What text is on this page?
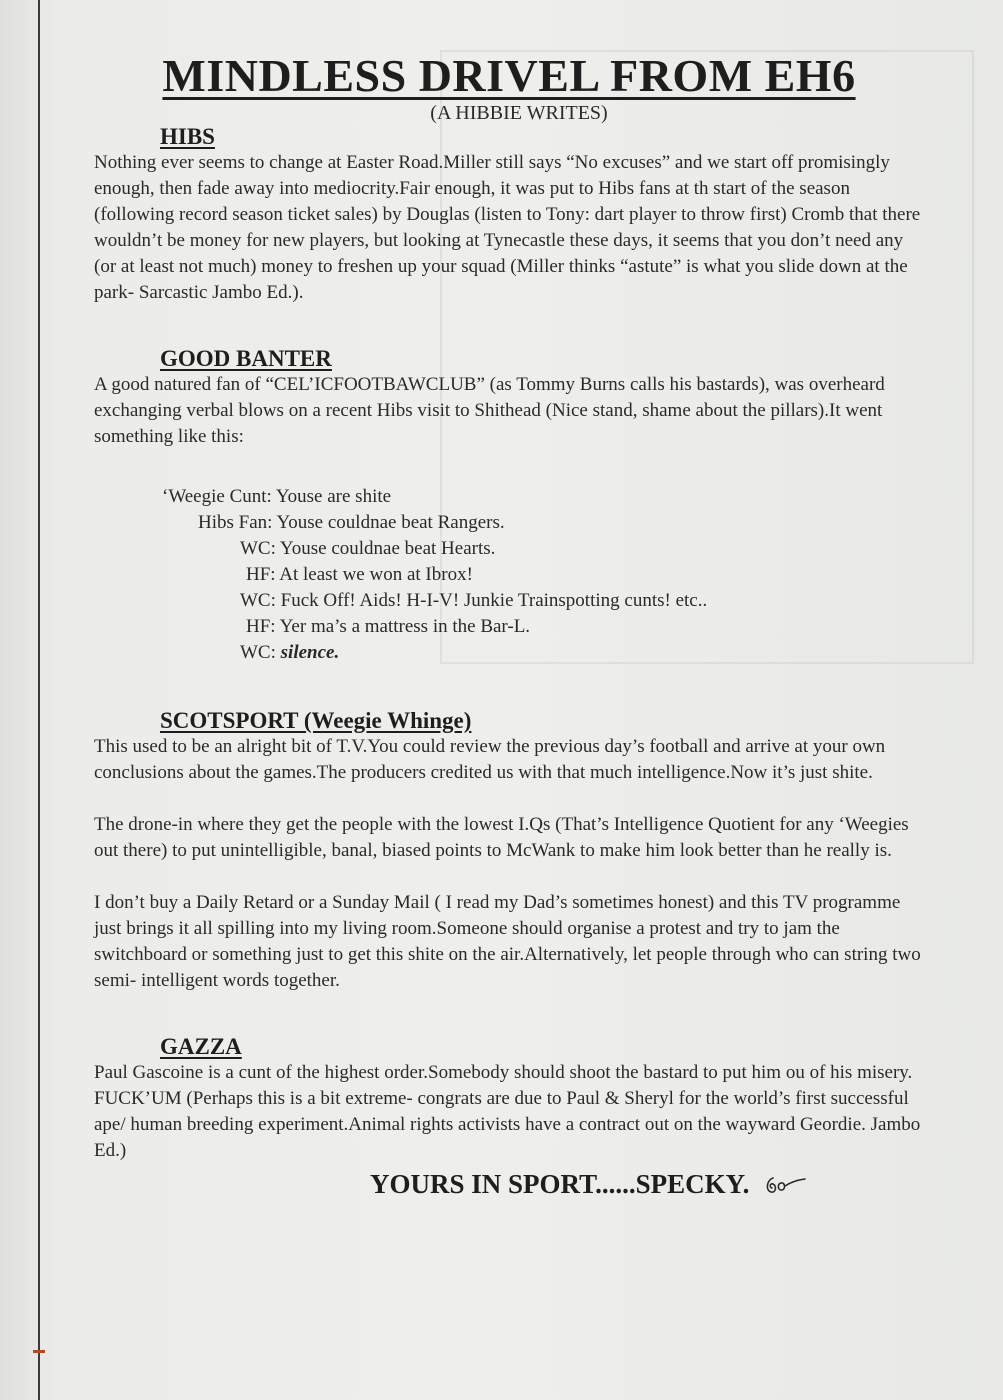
MINDLESS DRIVEL FROM EH6
(A HIBBIE WRITES)
HIBS

Nothing ever seems to change at Easter Road.Miller still says “No excuses” and we start off promisingly enough, then fade away into mediocrity.Fair enough, it was put to Hibs fans at th start of the season (following record season ticket sales) by Douglas (listen to Tony: dart player to throw first) Cromb that there wouldn’t be money for new players, but looking at Tynecastle these days, it seems that you don’t need any (or at least not much) money to freshen up your squad (Miller thinks “astute” is what you slide down at the park- Sarcastic Jambo Ed.).

GOOD BANTER

A good natured fan of “CEL’ICFOOTBAWCLUB” (as Tommy Burns calls his bastards), was overheard exchanging verbal blows on a recent Hibs visit to Shithead (Nice stand, shame about the pillars).It went something like this:

‘Weegie Cunt: Youse are shite
Hibs Fan: Youse couldnae beat Rangers.
WC: Youse couldnae beat Hearts.
HF: At least we won at Ibrox!
WC: Fuck Off! Aids! H-I-V! Junkie Trainspotting cunts! etc..
HF: Yer ma’s a mattress in the Bar-L.
WC: silence.
SCOTSPORT (Weegie Whinge)

This used to be an alright bit of T.V.You could review the previous day’s football and arrive at your own conclusions about the games.The producers credited us with that much intelligence.Now it’s just shite.

The drone-in where they get the people with the lowest I.Qs (That’s Intelligence Quotient for any ‘Weegies out there) to put unintelligible, banal, biased points to McWank to make him look better than he really is.

I don’t buy a Daily Retard or a Sunday Mail ( I read my Dad’s sometimes honest) and this TV programme just brings it all spilling into my living room.Someone should organise a protest and try to jam the switchboard or something just to get this shite on the air.Alternatively, let people through who can string two semi- intelligent words together.

GAZZA

Paul Gascoine is a cunt of the highest order.Somebody should shoot the bastard to put him ou of his misery. FUCK’UM (Perhaps this is a bit extreme- congrats are due to Paul & Sheryl for the world’s first successful ape/ human breeding experiment.Animal rights activists have a contract out on the wayward Geordie. Jambo Ed.)

YOURS IN SPORT......SPECKY.
